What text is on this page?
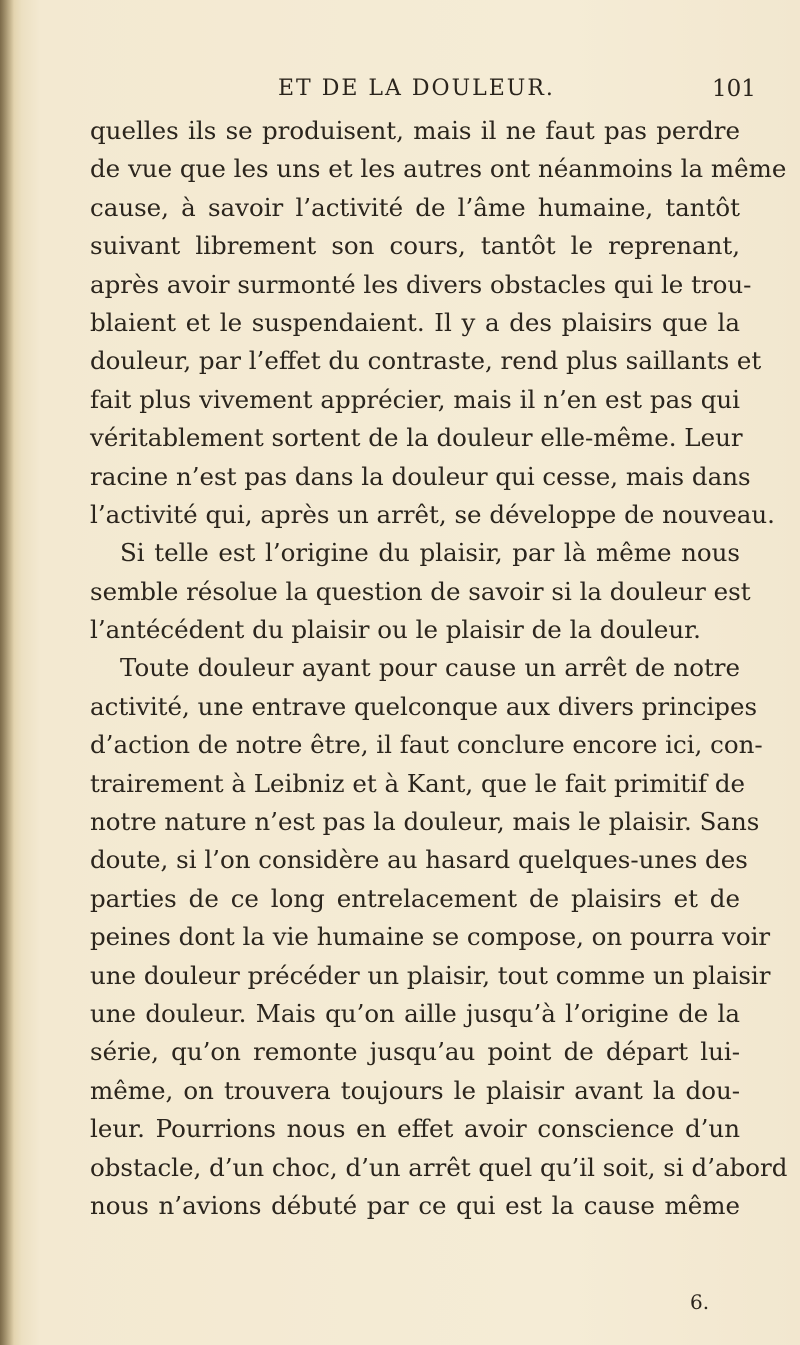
ET DE LA DOULEUR.	101
quelles ils se produisent, mais il ne faut pas perdre
de vue que les uns et les autres ont néanmoins la même
cause, à savoir l’activité de l’âme humaine, tantôt
suivant librement son cours, tantôt le reprenant,
après avoir surmonté les divers obstacles qui le trou-
blaient et le suspendaient. Il y a des plaisirs que la
douleur, par l’effet du contraste, rend plus saillants et
fait plus vivement apprécier, mais il n’en est pas qui
véritablement sortent de la douleur elle-même. Leur
racine n’est pas dans la douleur qui cesse, mais dans
l’activité qui, après un arrêt, se développe de nouveau.
Si telle est l’origine du plaisir, par là même nous
semble résolue la question de savoir si la douleur est
l’antécédent du plaisir ou le plaisir de la douleur.
Toute douleur ayant pour cause un arrêt de notre
activité, une entrave quelconque aux divers principes
d’action de notre être, il faut conclure encore ici, con-
trairement à Leibniz et à Kant, que le fait primitif de
notre nature n’est pas la douleur, mais le plaisir. Sans
doute, si l’on considère au hasard quelques-unes des
parties de ce long entrelacement de plaisirs et de
peines dont la vie humaine se compose, on pourra voir
une douleur précéder un plaisir, tout comme un plaisir
une douleur. Mais qu’on aille jusqu’à l’origine de la
série, qu’on remonte jusqu’au point de départ lui-
même, on trouvera toujours le plaisir avant la dou-
leur. Pourrions nous en effet avoir conscience d’un
obstacle, d’un choc, d’un arrêt quel qu’il soit, si d’abord
nous n’avions débuté par ce qui est la cause même
6.
